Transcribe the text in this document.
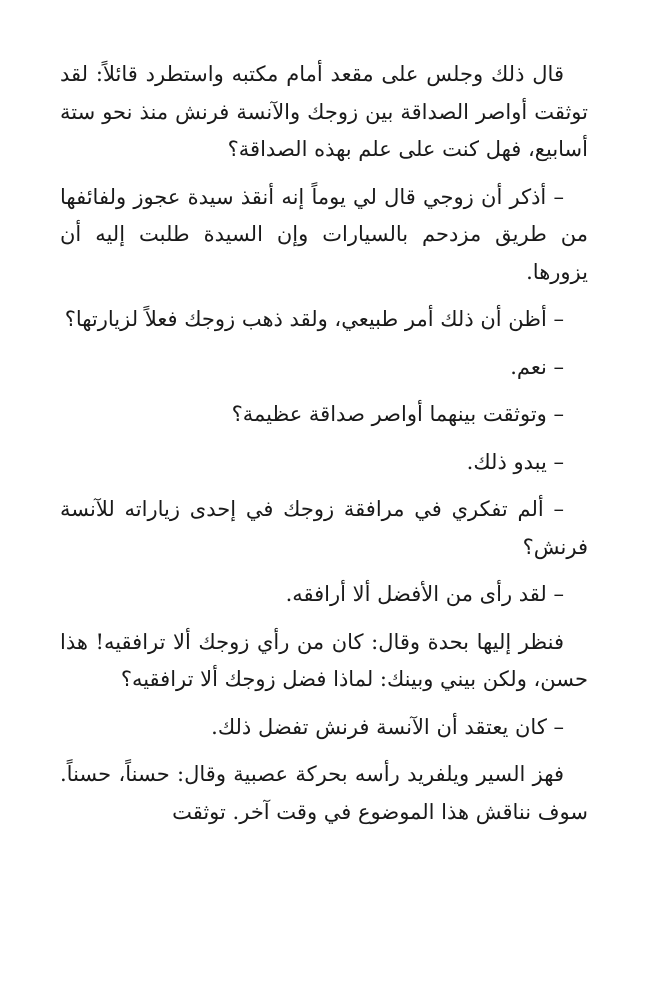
قال ذلك وجلس على مقعد أمام مكتبه واستطرد قائلاً: لقد توثقت أواصر الصداقة بين زوجك والآنسة فرنش منذ نحو ستة أسابيع، فهل كنت على علم بهذه الصداقة؟

– أذكر أن زوجي قال لي يوماً إنه أنقذ سيدة عجوز ولفائفها من طريق مزدحم بالسيارات وإن السيدة طلبت إليه أن يزورها.

– أظن أن ذلك أمر طبيعي، ولقد ذهب زوجك فعلاً لزيارتها؟

– نعم.

– وتوثقت بينهما أواصر صداقة عظيمة؟

– يبدو ذلك.

– ألم تفكري في مرافقة زوجك في إحدى زياراته للآنسة فرنش؟

– لقد رأى من الأفضل ألا أرافقه.

فنظر إليها بحدة وقال: كان من رأي زوجك ألا ترافقيه! هذا حسن، ولكن بيني وبينك: لماذا فضل زوجك ألا ترافقيه؟

– كان يعتقد أن الآنسة فرنش تفضل ذلك.

فهز السير ويلفريد رأسه بحركة عصبية وقال: حسناً، حسناً. سوف نناقش هذا الموضوع في وقت آخر. توثقت
